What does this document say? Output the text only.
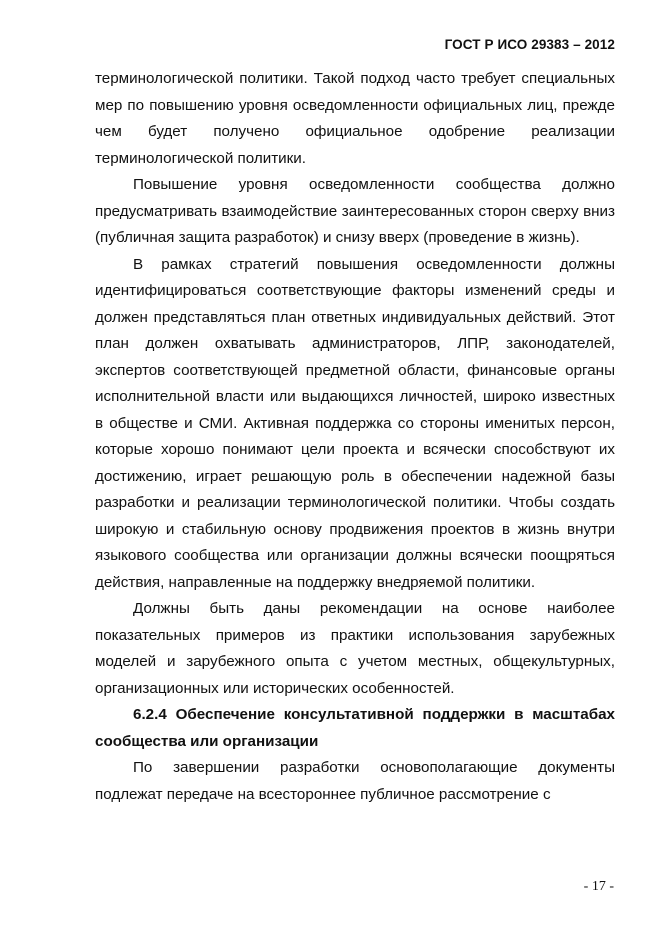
ГОСТ Р ИСО 29383 – 2012

терминологической политики. Такой подход часто требует специальных мер по повышению уровня осведомленности официальных лиц, прежде чем будет получено официальное одобрение реализации терминологической политики.

Повышение уровня осведомленности сообщества должно предусматривать взаимодействие заинтересованных сторон сверху вниз (публичная защита разработок) и снизу вверх (проведение в жизнь).

В рамках стратегий повышения осведомленности должны идентифицироваться соответствующие факторы изменений среды и должен представляться план ответных индивидуальных действий. Этот план должен охватывать администраторов, ЛПР, законодателей, экспертов соответствующей предметной области, финансовые органы исполнительной власти или выдающихся личностей, широко известных в обществе и СМИ. Активная поддержка со стороны именитых персон, которые хорошо понимают цели проекта и всячески способствуют их достижению, играет решающую роль в обеспечении надежной базы разработки и реализации терминологической политики. Чтобы создать широкую и стабильную основу продвижения проектов в жизнь внутри языкового сообщества или организации должны всячески поощряться действия, направленные на поддержку внедряемой политики.

Должны быть даны рекомендации на основе наиболее показательных примеров из практики использования зарубежных моделей и зарубежного опыта с учетом местных, общекультурных, организационных или исторических особенностей.

6.2.4 Обеспечение консультативной поддержки в масштабах сообщества или организации

По завершении разработки основополагающие документы подлежат передаче на всестороннее публичное рассмотрение с

- 17 -
